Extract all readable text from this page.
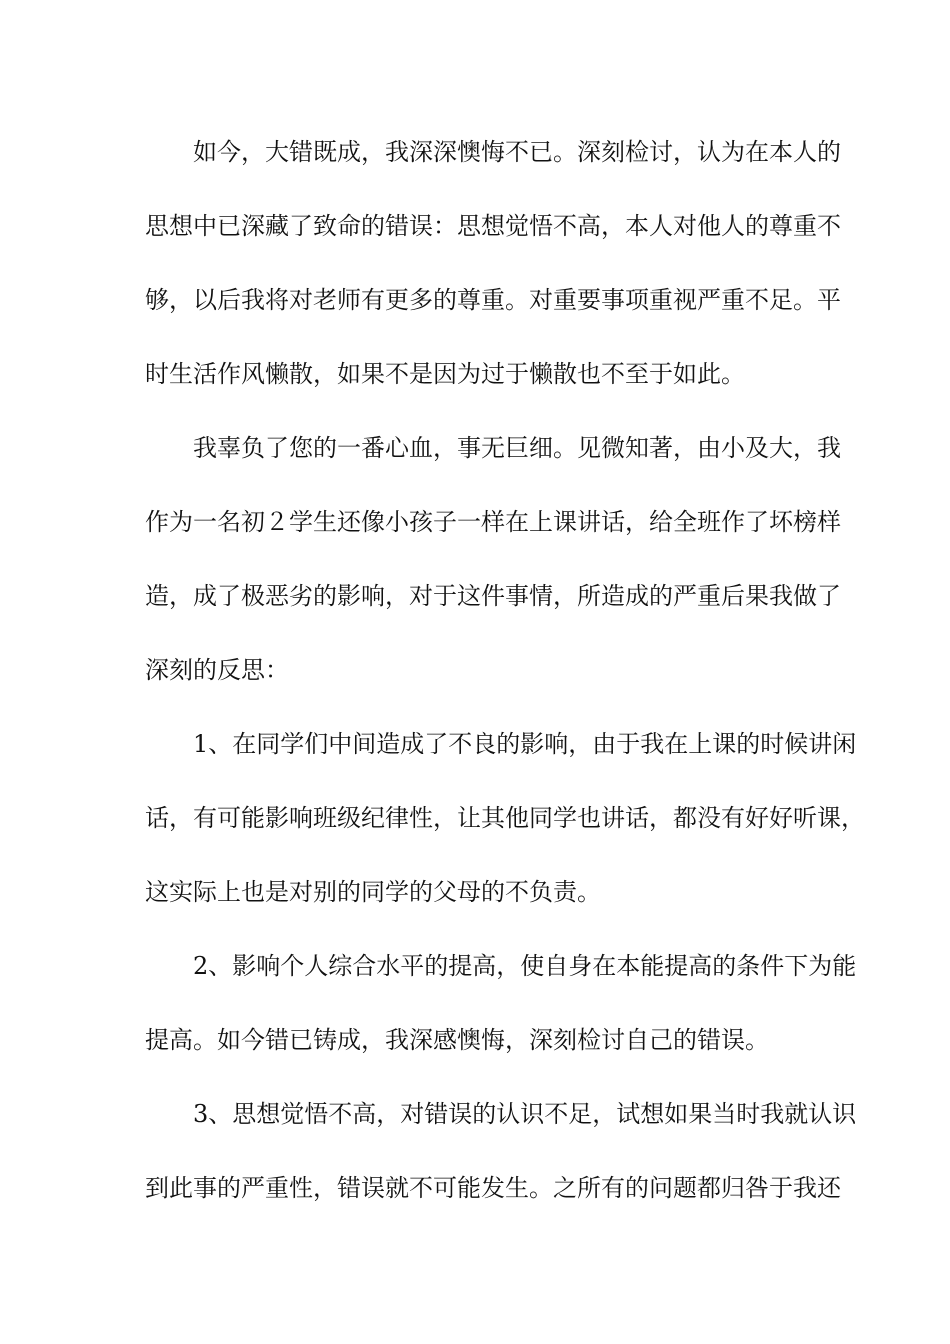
如今，大错既成，我深深懊悔不已。深刻检讨，认为在本人的
思想中已深藏了致命的错误：思想觉悟不高，本人对他人的尊重不
够，以后我将对老师有更多的尊重。对重要事项重视严重不足。平
时生活作风懒散，如果不是因为过于懒散也不至于如此。
我辜负了您的一番心血，事无巨细。见微知著，由小及大，我
作为一名初２学生还像小孩子一样在上课讲话，给全班作了坏榜样
造，成了极恶劣的影响，对于这件事情，所造成的严重后果我做了
深刻的反思：
1、在同学们中间造成了不良的影响，由于我在上课的时候讲闲
话，有可能影响班级纪律性，让其他同学也讲话，都没有好好听课，
这实际上也是对别的同学的父母的不负责。
2、影响个人综合水平的提高，使自身在本能提高的条件下为能
提高。如今错已铸成，我深感懊悔，深刻检讨自己的错误。
3、思想觉悟不高，对错误的认识不足，试想如果当时我就认识
到此事的严重性，错误就不可能发生。之所有的问题都归咎于我还
